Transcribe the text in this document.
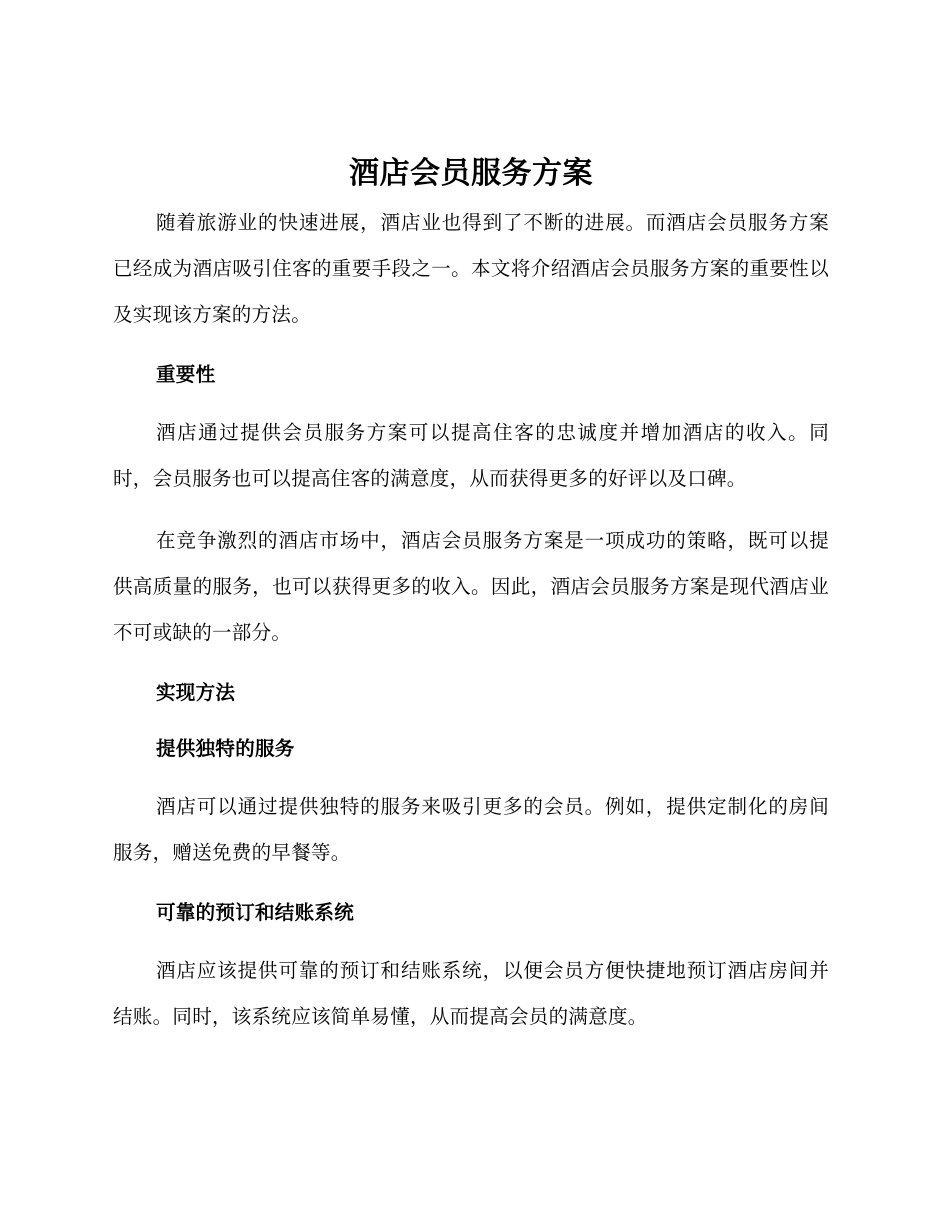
酒店会员服务方案

随着旅游业的快速进展，酒店业也得到了不断的进展。而酒店会员服务方案已经成为酒店吸引住客的重要手段之一。本文将介绍酒店会员服务方案的重要性以及实现该方案的方法。

重要性

酒店通过提供会员服务方案可以提高住客的忠诚度并增加酒店的收入。同时，会员服务也可以提高住客的满意度，从而获得更多的好评以及口碑。

在竞争激烈的酒店市场中，酒店会员服务方案是一项成功的策略，既可以提供高质量的服务，也可以获得更多的收入。因此，酒店会员服务方案是现代酒店业不可或缺的一部分。

实现方法
提供独特的服务

酒店可以通过提供独特的服务来吸引更多的会员。例如，提供定制化的房间服务，赠送免费的早餐等。

可靠的预订和结账系统

酒店应该提供可靠的预订和结账系统，以便会员方便快捷地预订酒店房间并结账。同时，该系统应该简单易懂，从而提高会员的满意度。
